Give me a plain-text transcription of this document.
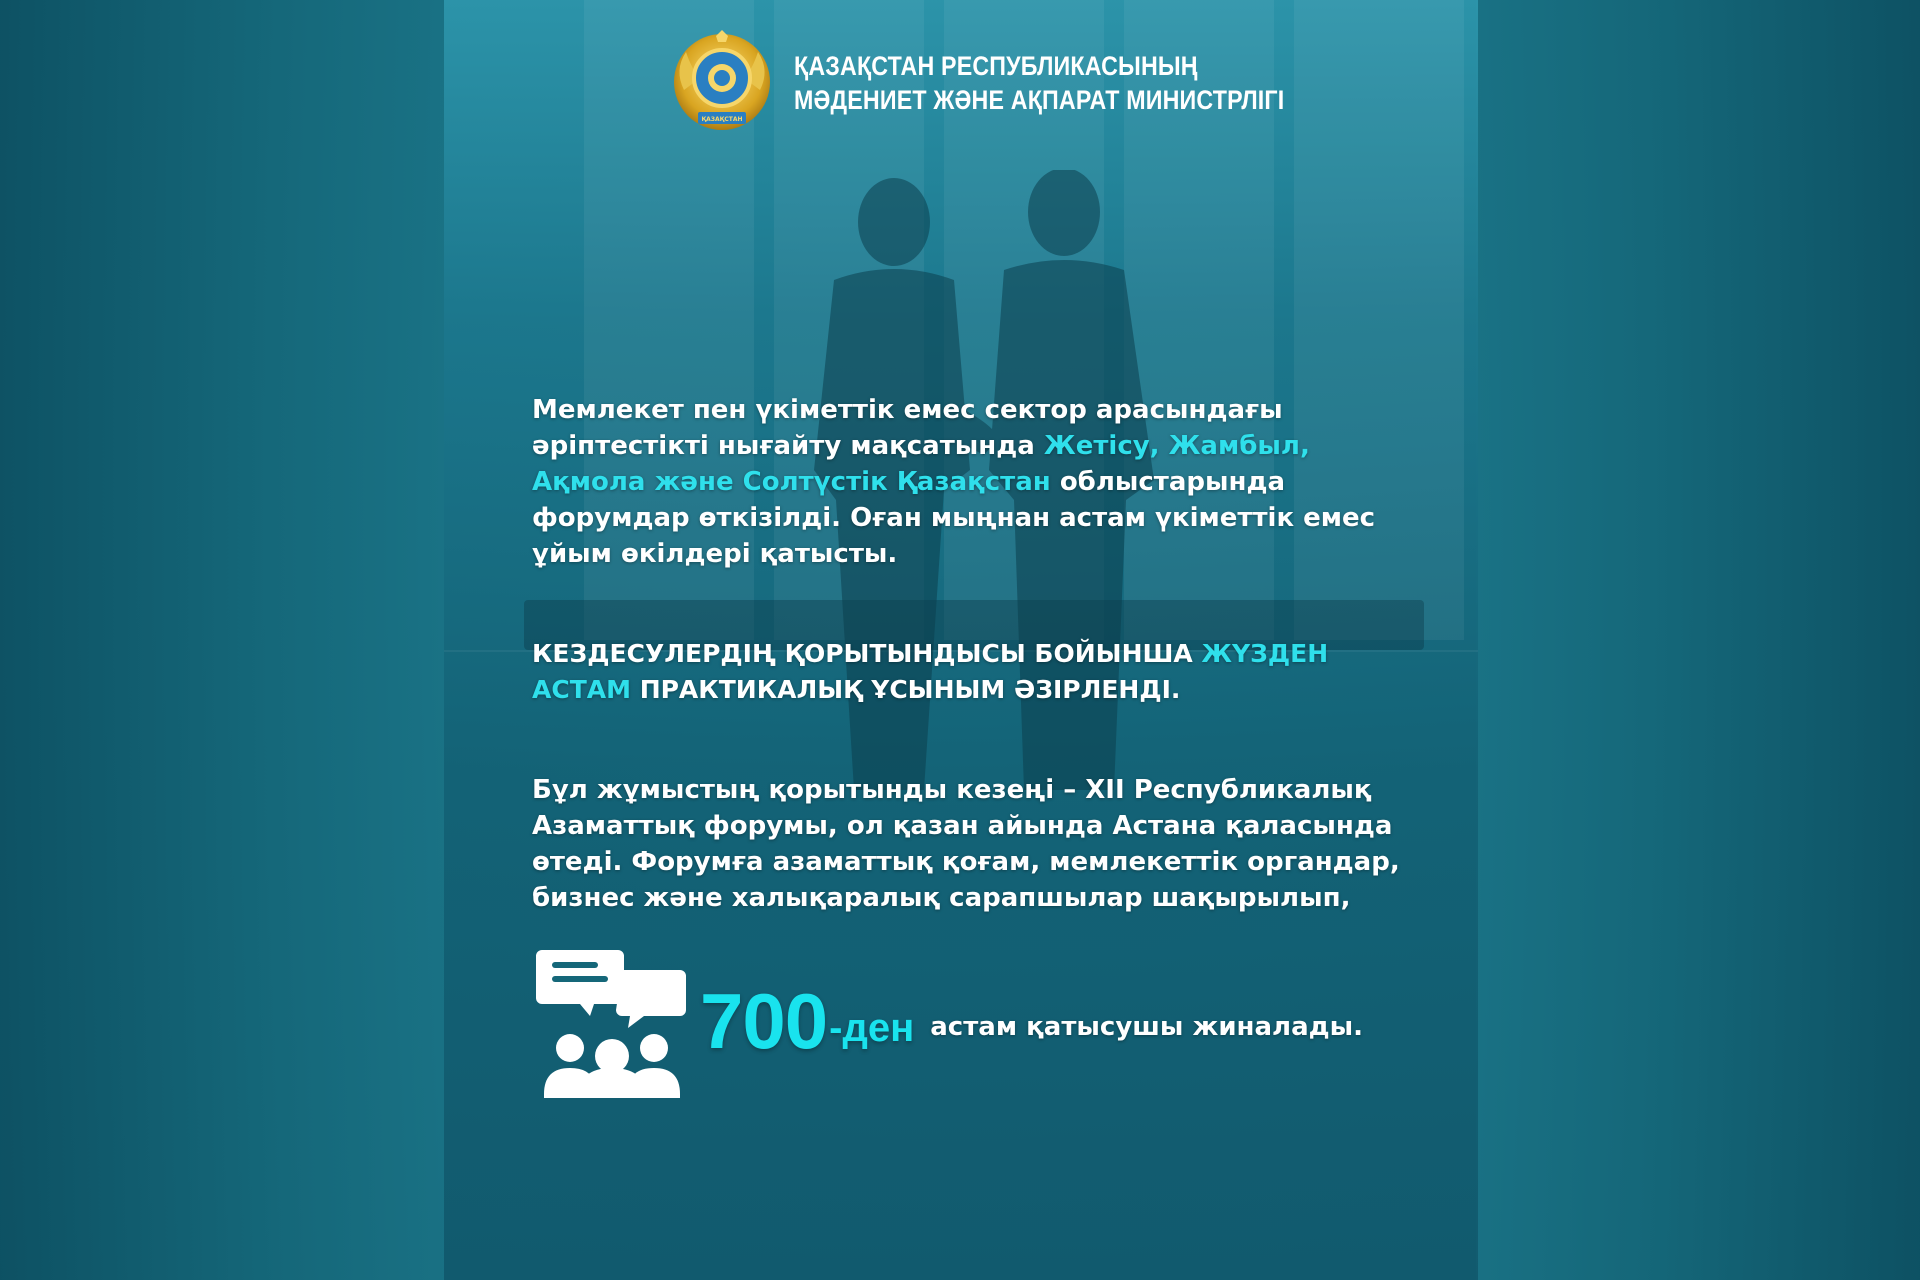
ҚАЗАҚСТАН
ҚАЗАҚСТАН РЕСПУБЛИКАСЫНЫҢ
МӘДЕНИЕТ ЖӘНЕ АҚПАРАТ МИНИСТРЛІГІ
Мемлекет пен үкіметтік емес сектор арасындағы әріптестікті нығайту мақсатында Жетісу, Жамбыл, Ақмола және Солтүстік Қазақстан облыстарында форумдар өткізілді. Оған мыңнан астам үкіметтік емес ұйым өкілдері қатысты.
КЕЗДЕСУЛЕРДІҢ ҚОРЫТЫНДЫСЫ БОЙЫНША ЖҮЗДЕН АСТАМ ПРАКТИКАЛЫҚ ҰСЫНЫМ ӘЗІРЛЕНДІ.
Бұл жұмыстың қорытынды кезеңі – XII Республикалық Азаматтық форумы, ол қазан айында Астана қаласында өтеді. Форумға азаматтық қоғам, мемлекеттік органдар, бизнес және халықаралық сарапшылар шақырылып,
700 -ден астам қатысушы жиналады.
